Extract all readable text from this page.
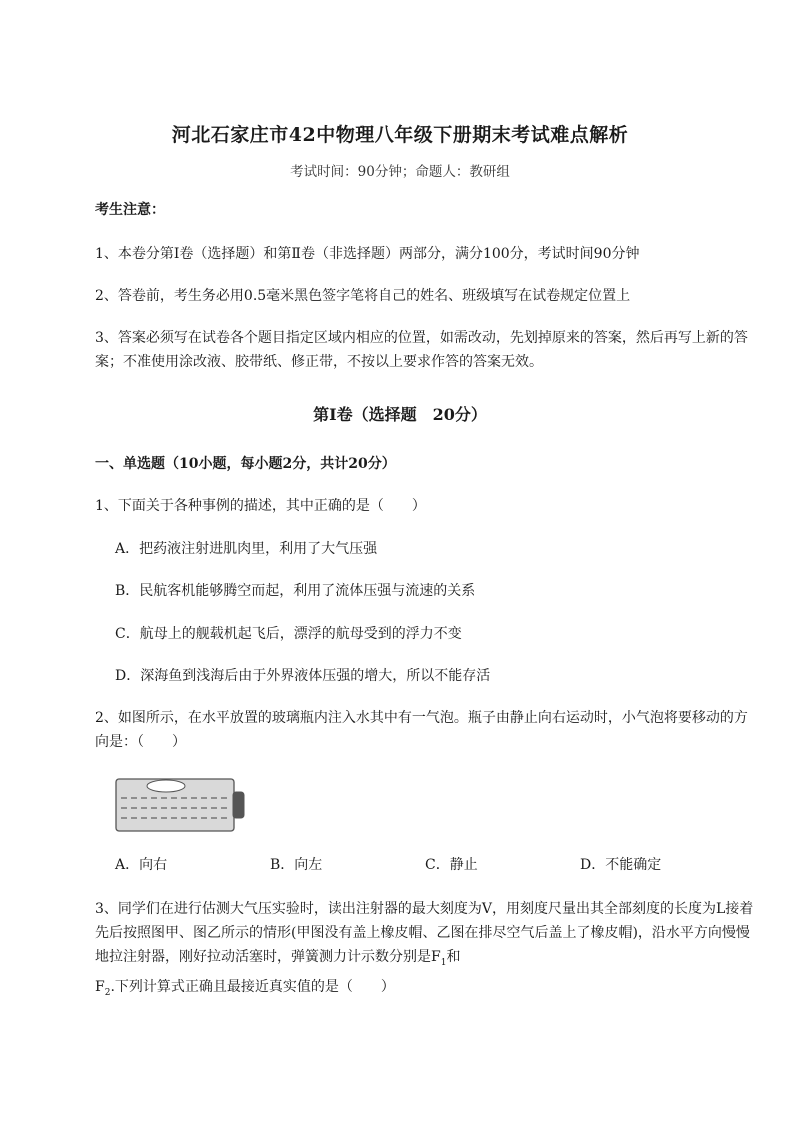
河北石家庄市42中物理八年级下册期末考试难点解析
考试时间：90分钟；命题人：教研组
考生注意：
1、本卷分第I卷（选择题）和第Ⅱ卷（非选择题）两部分，满分100分，考试时间90分钟
2、答卷前，考生务必用0.5毫米黑色签字笔将自己的姓名、班级填写在试卷规定位置上
3、答案必须写在试卷各个题目指定区域内相应的位置，如需改动，先划掉原来的答案，然后再写上新的答案；不准使用涂改液、胶带纸、修正带，不按以上要求作答的答案无效。
第I卷（选择题　20分）
一、单选题（10小题，每小题2分，共计20分）
1、下面关于各种事例的描述，其中正确的是（　　）
A．把药液注射进肌肉里，利用了大气压强
B．民航客机能够腾空而起，利用了流体压强与流速的关系
C．航母上的舰载机起飞后，漂浮的航母受到的浮力不变
D．深海鱼到浅海后由于外界液体压强的增大，所以不能存活
2、如图所示，在水平放置的玻璃瓶内注入水其中有一气泡。瓶子由静止向右运动时，小气泡将要移动的方向是：（　　）
A．向右	B．向左	C．静止	D．不能确定
3、同学们在进行估测大气压实验时，读出注射器的最大刻度为V，用刻度尺量出其全部刻度的长度为L接着先后按照图甲、图乙所示的情形(甲图没有盖上橡皮帽、乙图在排尽空气后盖上了橡皮帽)，沿水平方向慢慢地拉注射器，刚好拉动活塞时，弹簧测力计示数分别是$F_1$和$F_2$.下列计算式正确且最接近真实值的是（　　）
